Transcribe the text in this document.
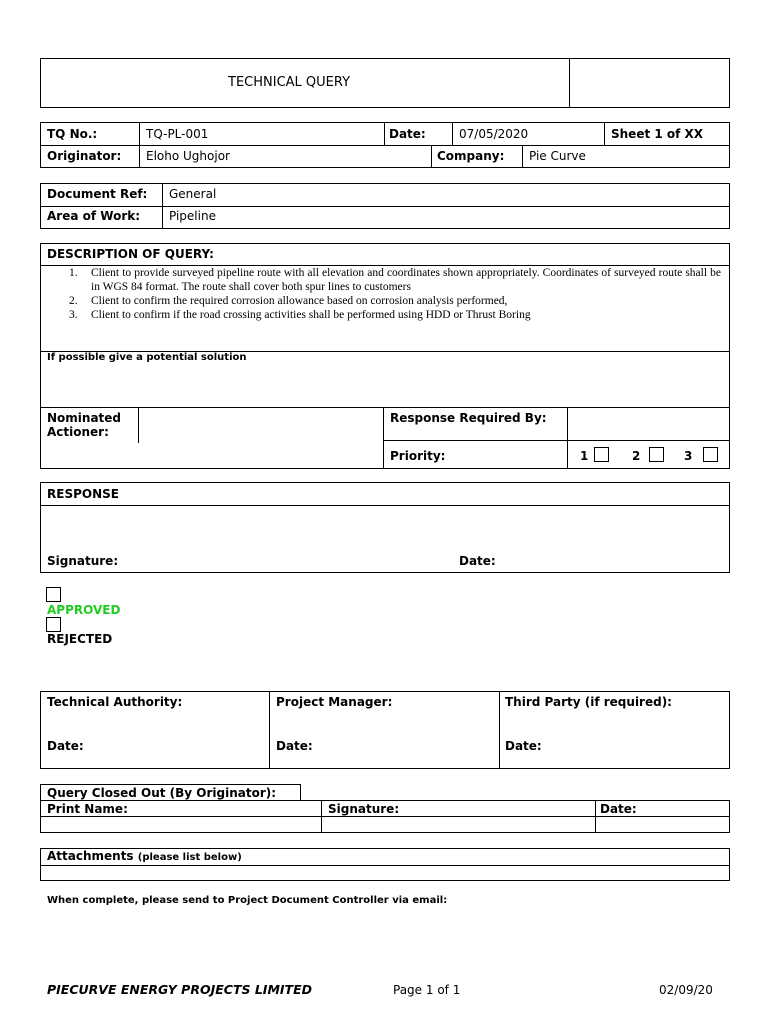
TECHNICAL QUERY
TQ No.:	TQ-PL-001	Date:	07/05/2020	Sheet 1 of XX
Originator: Eloho Ughojor	Company: Pie Curve
Document Ref: General
Area of Work: Pipeline
DESCRIPTION OF QUERY:
1. Client to provide surveyed pipeline route with all elevation and coordinates shown appropriately. Coordinates of surveyed route shall be in WGS 84 format. The route shall cover both spur lines to customers
2. Client to confirm the required corrosion allowance based on corrosion analysis performed,
3. Client to confirm if the road crossing activities shall be performed using HDD or Thrust Boring
If possible give a potential solution
Nominated Actioner:
Response Required By:
Priority:	1	2	3
RESPONSE
Signature:	Date:
APPROVED
REJECTED
Technical Authority:	Project Manager:	Third Party (if required):
Date:	Date:	Date:
Query Closed Out (By Originator):
Print Name:	Signature:	Date:
Attachments (please list below)
When complete, please send to Project Document Controller via email:
PIECURVE ENERGY PROJECTS LIMITED	Page 1 of 1	02/09/20
